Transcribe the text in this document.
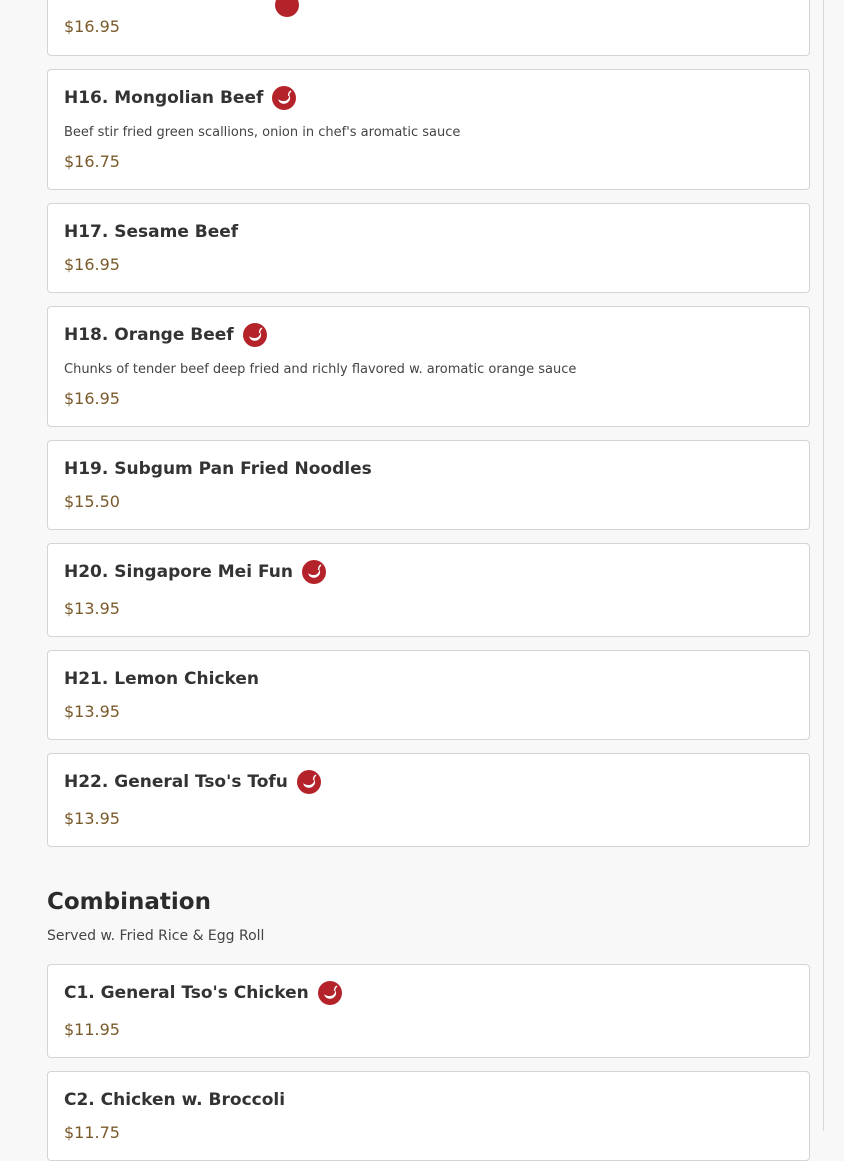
$16.95
H16. Mongolian Beef
Beef stir fried green scallions, onion in chef's aromatic sauce
$16.75
H17. Sesame Beef
$16.95
H18. Orange Beef
Chunks of tender beef deep fried and richly flavored w. aromatic orange sauce
$16.95
H19. Subgum Pan Fried Noodles
$15.50
H20. Singapore Mei Fun
$13.95
H21. Lemon Chicken
$13.95
H22. General Tso's Tofu
$13.95
Combination
Served w. Fried Rice & Egg Roll
C1. General Tso's Chicken
$11.95
C2. Chicken w. Broccoli
$11.75
